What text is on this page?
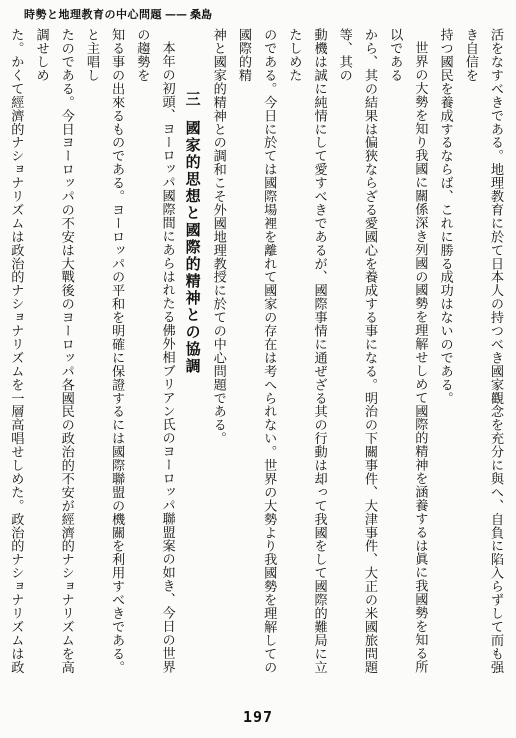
時勢と地理教育の中心問題 —— 桑島

活をなすべきである。地理教育に於て日本人の持つべき國家觀念を充分に與へ、自負に陷入らずして而も强き自信を

持つ國民を養成するならば、これに勝る成功はないのである。

世界の大勢を知り我國に關係深き列國の國勢を理解せしめて國際的精神を涵養するは眞に我國勢を知る所以である

から、其の結果は偏狹ならざる愛國心を養成する事になる。明治の下關事件、大津事件、大正の米國旅問題等、其の

動機は誠に純情にして愛すべきであるが、國際事情に通ぜざる其の行動は却って我國をして國際的難局に立たしめた

のである。今日に於ては國際場裡を離れて國家の存在は考へられない。世界の大勢より我國勢を理解しての國際的精

神と國家的精神との調和こそ外國地理教授に於ての中心問題である。

三國家的思想と國際的精神との協調

本年の初頭、ヨーロッパ國際間にあらはれたる佛外相ブリアン氏のヨーロッパ聯盟案の如き、今日の世界の趨勢を

知る事の出來るものである。ヨーロッパの平和を明確に保證するには國際聯盟の機關を利用すべきである。と主唱し

たのである。今日ヨーロッパの不安は大戰後のヨーロッパ各國民の政治的不安が經濟的ナショナリズムを高調せしめ

た。かくて經濟的ナショナリズムは政治的ナショナリズムを一層高唱せしめた。政治的ナショナリズムは政

197
